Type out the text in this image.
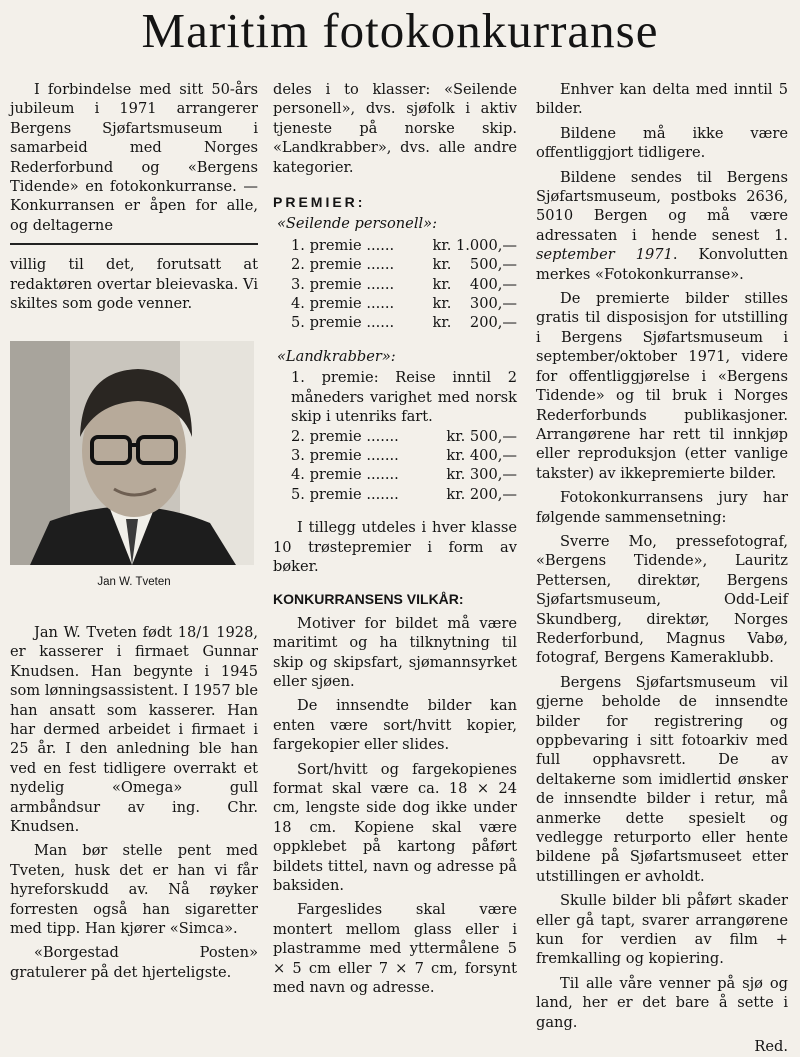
Maritim fotokonkurranse

I forbindelse med sitt 50-års jubileum i 1971 arrangerer Bergens Sjøfartsmuseum i samarbeid med Norges Rederforbund og «Bergens Tidende» en fotokonkurranse. — Konkurransen er åpen for alle, og deltagerne

villig til det, forutsatt at redaktøren overtar bleievaska. Vi skiltes som gode venner.

Jan W. Tveten

Jan W. Tveten født 18/1 1928, er kasserer i firmaet Gunnar Knudsen. Han begynte i 1945 som lønningsassistent. I 1957 ble han ansatt som kasserer. Han har dermed arbeidet i firmaet i 25 år. I den anledning ble han ved en fest tidligere overrakt et nydelig «Omega» gull armbåndsur av ing. Chr. Knudsen.

Man bør stelle pent med Tveten, husk det er han vi får hyreforskudd av. Nå røyker forresten også han sigaretter med tipp. Han kjører «Simca».

«Borgestad Posten» gratulerer på det hjerteligste.

deles i to klasser: «Seilende personell», dvs. sjøfolk i aktiv tjeneste på norske skip. «Landkrabber», dvs. alle andre kategorier.

PREMIER:
«Seilende personell»:
1. premie ......	kr. 1.000,—
2. premie ......	kr.    500,—
3. premie ......	kr.    400,—
4. premie ......	kr.    300,—
5. premie ......	kr.    200,—
«Landkrabber»:
1. premie: Reise inntil 2 måneders varighet med norsk skip i utenriks fart.
2. premie .......	kr. 500,—
3. premie .......	kr. 400,—
4. premie .......	kr. 300,—
5. premie .......	kr. 200,—

I tillegg utdeles i hver klasse 10 trøstepremier i form av bøker.

KONKURRANSENS VILKÅR:

Motiver for bildet må være maritimt og ha tilknytning til skip og skipsfart, sjømannsyrket eller sjøen.

De innsendte bilder kan enten være sort/hvitt kopier, fargekopier eller slides.

Sort/hvitt og fargekopienes format skal være ca. 18 × 24 cm, lengste side dog ikke under 18 cm. Kopiene skal være oppklebet på kartong påført bildets tittel, navn og adresse på baksiden.

Fargeslides skal være montert mellom glass eller i plastramme med yttermålene 5 × 5 cm eller 7 × 7 cm, forsynt med navn og adresse.

Enhver kan delta med inntil 5 bilder.

Bildene må ikke være offentliggjort tidligere.

Bildene sendes til Bergens Sjøfartsmuseum, postboks 2636, 5010 Bergen og må være adressaten i hende senest 1. september 1971. Konvolutten merkes «Fotokonkurranse».

De premierte bilder stilles gratis til disposisjon for utstilling i Bergens Sjøfartsmuseum i september/oktober 1971, videre for offentliggjørelse i «Bergens Tidende» og til bruk i Norges Rederforbunds publikasjoner. Arrangørene har rett til innkjøp eller reproduksjon (etter vanlige takster) av ikkepremierte bilder.

Fotokonkurransens jury har følgende sammensetning:

Sverre Mo, pressefotograf, «Bergens Tidende», Lauritz Pettersen, direktør, Bergens Sjøfartsmuseum, Odd-Leif Skundberg, direktør, Norges Rederforbund, Magnus Vabø, fotograf, Bergens Kameraklubb.

Bergens Sjøfartsmuseum vil gjerne beholde de innsendte bilder for registrering og oppbevaring i sitt fotoarkiv med full opphavsrett. De av deltakerne som imidlertid ønsker de innsendte bilder i retur, må anmerke dette spesielt og vedlegge returporto eller hente bildene på Sjøfartsmuseet etter utstillingen er avholdt.

Skulle bilder bli påført skader eller gå tapt, svarer arrangørene kun for verdien av film + fremkalling og kopiering.

Til alle våre venner på sjø og land, her er det bare å sette i gang.

Red.
